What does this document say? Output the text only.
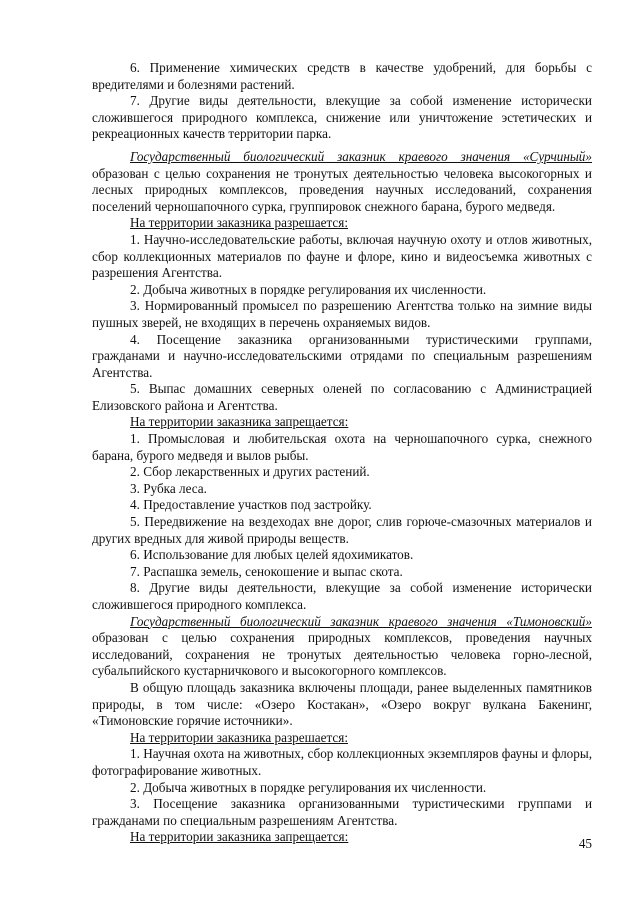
6. Применение химических средств в качестве удобрений, для борьбы с вредителями и болезнями растений.

7. Другие виды деятельности, влекущие за собой изменение исторически сложившегося природного комплекса, снижение или уничтожение эстетических и рекреационных качеств территории парка.

Государственный биологический заказник краевого значения «Сурчиный» образован с целью сохранения не тронутых деятельностью человека высокогорных и лесных природных комплексов, проведения научных исследований, сохранения поселений черношапочного сурка, группировок снежного барана, бурого медведя.

На территории заказника разрешается:

1. Научно-исследовательские работы, включая научную охоту и отлов животных, сбор коллекционных материалов по фауне и флоре, кино и видеосъемка животных с разрешения Агентства.

2. Добыча животных в порядке регулирования их численности.

3. Нормированный промысел по разрешению Агентства только на зимние виды пушных зверей, не входящих в перечень охраняемых видов.

4. Посещение заказника организованными туристическими группами, гражданами и научно-исследовательскими отрядами по специальным разрешениям Агентства.

5. Выпас домашних северных оленей по согласованию с Администрацией Елизовского района и Агентства.

На территории заказника запрещается:

1. Промысловая и любительская охота на черношапочного сурка, снежного барана, бурого медведя и вылов рыбы.

2. Сбор лекарственных и других растений.

3. Рубка леса.

4. Предоставление участков под застройку.

5. Передвижение на вездеходах вне дорог, слив горюче-смазочных материалов и других вредных для живой природы веществ.

6. Использование для любых целей ядохимикатов.

7. Распашка земель, сенокошение и выпас скота.

8. Другие виды деятельности, влекущие за собой изменение исторически сложившегося природного комплекса.

Государственный биологический заказник краевого значения «Тимоновский» образован с целью сохранения природных комплексов, проведения научных исследований, сохранения не тронутых деятельностью человека горно-лесной, субальпийского кустарничкового и высокогорного комплексов.

В общую площадь заказника включены площади, ранее выделенных памятников природы, в том числе: «Озеро Костакан», «Озеро вокруг вулкана Бакенинг, «Тимоновские горячие источники».

На территории заказника разрешается:

1. Научная охота на животных, сбор коллекционных экземпляров фауны и флоры, фотографирование животных.

2. Добыча животных в порядке регулирования их численности.

3. Посещение заказника организованными туристическими группами и гражданами по специальным разрешениям Агентства.

На территории заказника запрещается:	45
